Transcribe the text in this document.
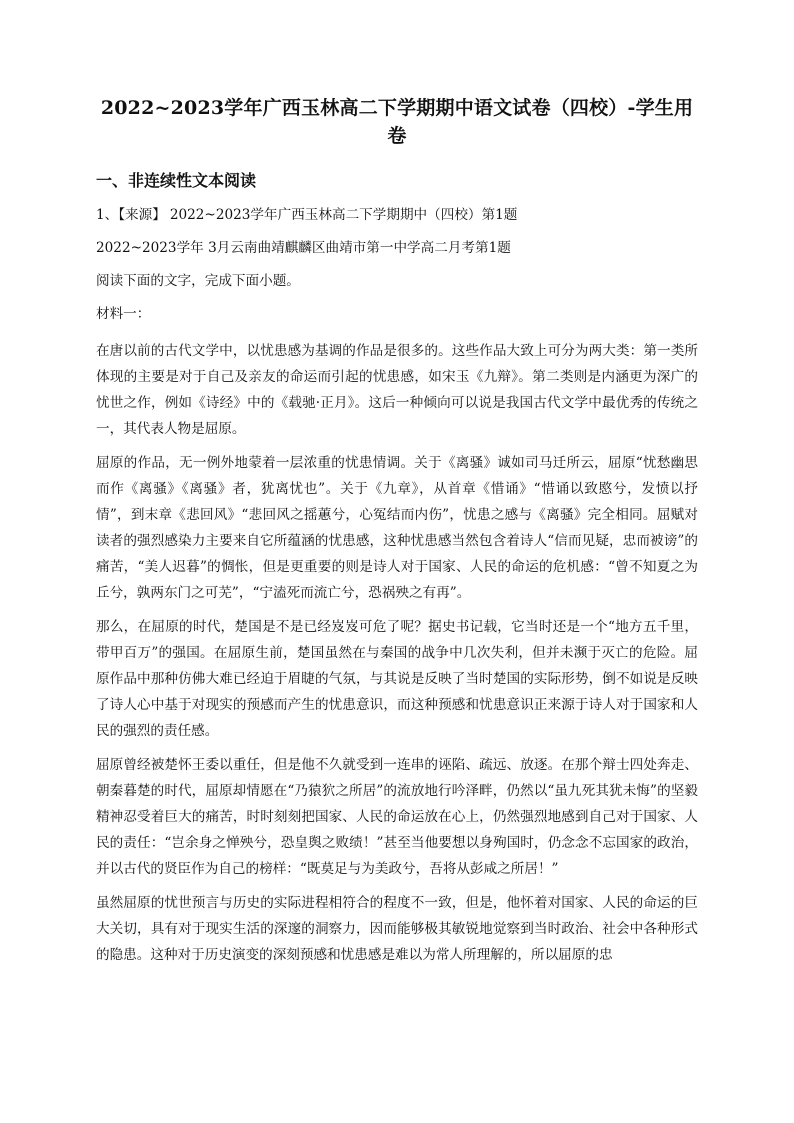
2022~2023学年广西玉林高二下学期期中语文试卷（四校）-学生用卷
一、非连续性文本阅读
1、【来源】 2022~2023学年广西玉林高二下学期期中（四校）第1题
2022~2023学年 3月云南曲靖麒麟区曲靖市第一中学高二月考第1题
阅读下面的文字，完成下面小题。
材料一：

在唐以前的古代文学中，以忧患感为基调的作品是很多的。这些作品大致上可分为两大类：第一类所体现的主要是对于自己及亲友的命运而引起的忧患感，如宋玉《九辩》。第二类则是内涵更为深广的忧世之作，例如《诗经》中的《载驰·正月》。这后一种倾向可以说是我国古代文学中最优秀的传统之一，其代表人物是屈原。

屈原的作品，无一例外地蒙着一层浓重的忧患情调。关于《离骚》诚如司马迁所云，屈原“忧愁幽思而作《离骚》《离骚》者，犹离忧也”。关于《九章》，从首章《惜诵》“惜诵以致愍兮，发愤以抒情”，到末章《悲回风》“悲回风之摇蕙兮，心冤结而内伤”，忧患之感与《离骚》完全相同。屈赋对读者的强烈感染力主要来自它所蕴涵的忧患感，这种忧患感当然包含着诗人“信而见疑，忠而被谤”的痛苦，“美人迟暮”的惆怅，但是更重要的则是诗人对于国家、人民的命运的危机感：“曾不知夏之为丘兮，孰两东门之可芜”，“宁溘死而流亡兮，恐祸殃之有再”。

那么，在屈原的时代，楚国是不是已经岌岌可危了呢？据史书记载，它当时还是一个“地方五千里，带甲百万”的强国。在屈原生前，楚国虽然在与秦国的战争中几次失利，但并未濒于灭亡的危险。屈原作品中那种仿佛大难已经迫于眉睫的气氛，与其说是反映了当时楚国的实际形势，倒不如说是反映了诗人心中基于对现实的预感而产生的忧患意识，而这种预感和忧患意识正来源于诗人对于国家和人民的强烈的责任感。

屈原曾经被楚怀王委以重任，但是他不久就受到一连串的诬陷、疏远、放逐。在那个辩士四处奔走、朝秦暮楚的时代，屈原却情愿在“乃猿狖之所居”的流放地行吟泽畔，仍然以“虽九死其犹未悔”的坚毅精神忍受着巨大的痛苦，时时刻刻把国家、人民的命运放在心上，仍然强烈地感到自己对于国家、人民的责任：“岂余身之惮殃兮，恐皇舆之败绩！”甚至当他要想以身殉国时，仍念念不忘国家的政治，并以古代的贤臣作为自己的榜样：“既莫足与为美政兮，吾将从彭咸之所居！”

虽然屈原的忧世预言与历史的实际进程相符合的程度不一致，但是，他怀着对国家、人民的命运的巨大关切，具有对于现实生活的深邃的洞察力，因而能够极其敏锐地觉察到当时政治、社会中各种形式的隐患。这种对于历史演变的深刻预感和忧患感是难以为常人所理解的，所以屈原的忠
